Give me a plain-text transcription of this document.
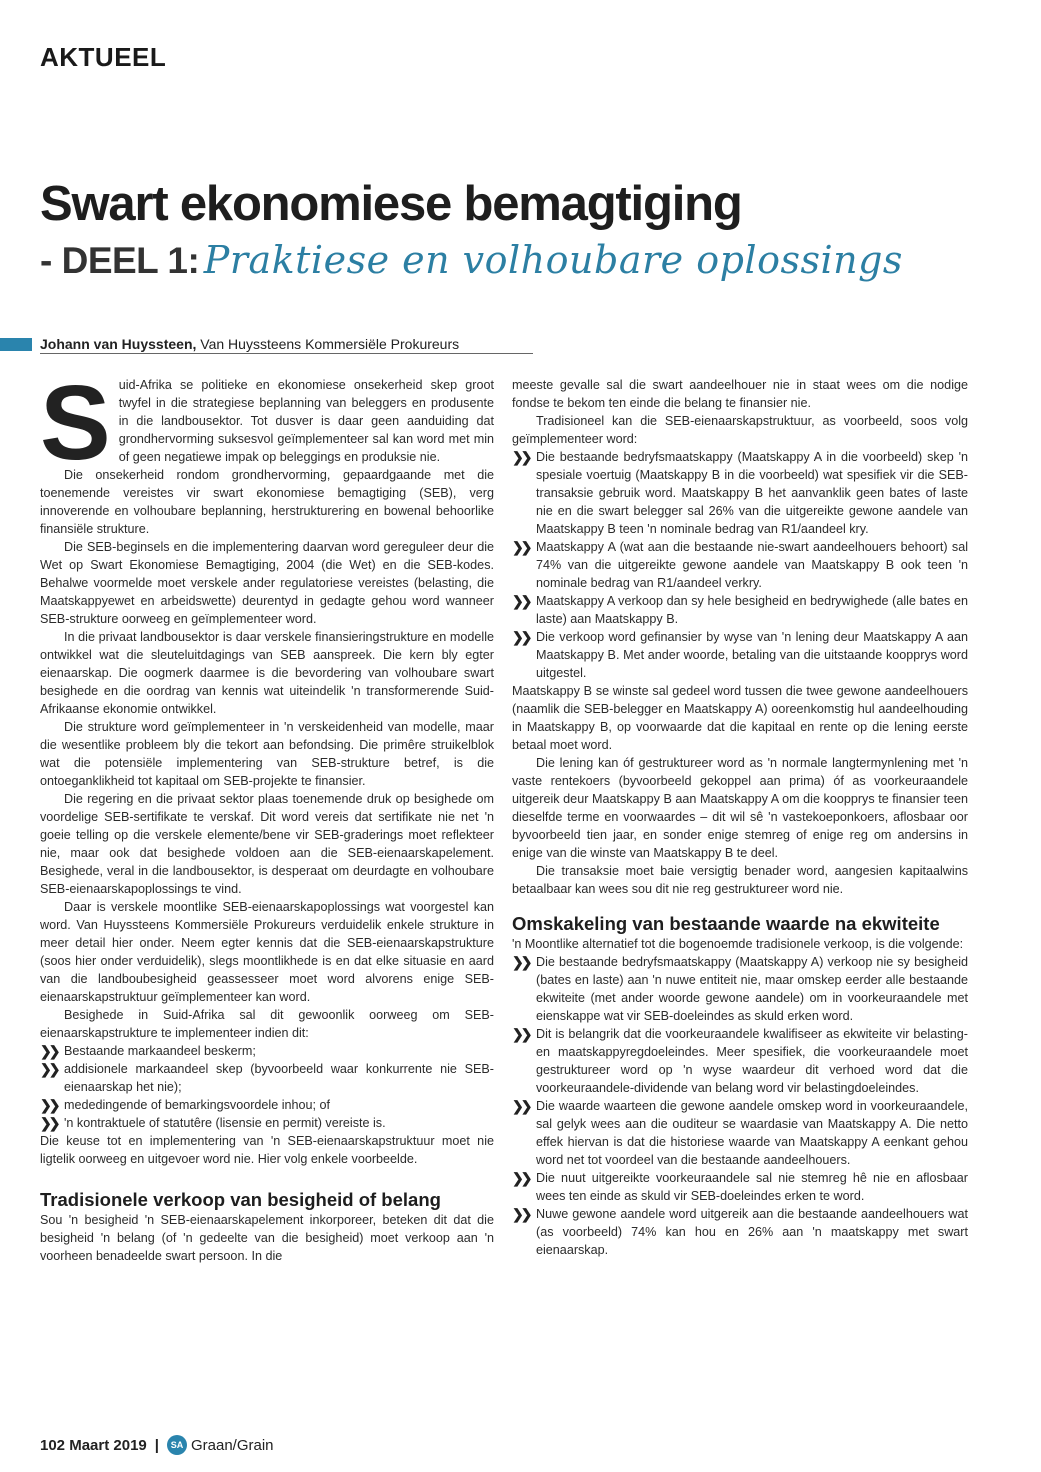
AKTUEEL
Swart ekonomiese bemagtiging
- DEEL 1: Praktiese en volhoubare oplossings
Johann van Huyssteen, Van Huyssteens Kommersiële Prokureurs

Suid-Afrika se politieke en ekonomiese onsekerheid skep groot twyfel in die strategiese beplanning van beleggers en produsente in die landbousektor. Tot dusver is daar geen aanduiding dat grondhervorming suksesvol geïmplementeer sal kan word met min of geen negatiewe impak op beleggings en produksie nie.

Die onsekerheid rondom grondhervorming, gepaardgaande met die toenemende vereistes vir swart ekonomiese bemagtiging (SEB), verg innoverende en volhoubare beplanning, herstrukturering en bowenal behoorlike finansiële strukture.

Die SEB-beginsels en die implementering daarvan word gereguleer deur die Wet op Swart Ekonomiese Bemagtiging, 2004 (die Wet) en die SEB-kodes. Behalwe voormelde moet verskele ander regulatoriese vereistes (belasting, die Maatskappyewet en arbeidswette) deurentyd in gedagte gehou word wanneer SEB-strukture oorweeg en geïmplementeer word.

In die privaat landbousektor is daar verskele finansieringstrukture en modelle ontwikkel wat die sleuteluitdagings van SEB aanspreek. Die kern bly egter eienaarskap. Die oogmerk daarmee is die bevordering van volhoubare swart besighede en die oordrag van kennis wat uiteindelik 'n transformerende Suid-Afrikaanse ekonomie ontwikkel.

Die strukture word geïmplementeer in 'n verskeidenheid van modelle, maar die wesentlike probleem bly die tekort aan befondsing. Die primêre struikelblok wat die potensiële implementering van SEB-strukture betref, is die ontoeganklikheid tot kapitaal om SEB-projekte te finansier.

Die regering en die privaat sektor plaas toenemende druk op besighede om voordelige SEB-sertifikate te verskaf. Dit word vereis dat sertifikate nie net 'n goeie telling op die verskele elemente/bene vir SEB-graderings moet reflekteer nie, maar ook dat besighede voldoen aan die SEB-eienaarskapelement. Besighede, veral in die landbousektor, is desperaat om deurdagte en volhoubare SEB-eienaarskapoplossings te vind.

Daar is verskele moontlike SEB-eienaarskapoplossings wat voorgestel kan word. Van Huyssteens Kommersiële Prokureurs verduidelik enkele strukture in meer detail hier onder. Neem egter kennis dat die SEB-eienaarskapstrukture (soos hier onder verduidelik), slegs moontlikhede is en dat elke situasie en aard van die landboubesigheid geassesseer moet word alvorens enige SEB-eienaarskapstruktuur geïmplementeer kan word.

Besighede in Suid-Afrika sal dit gewoonlik oorweeg om SEB-eienaarskapstrukture te implementeer indien dit:

❯❯ Bestaande markaandeel beskerm;
❯❯ addisionele markaandeel skep (byvoorbeeld waar konkurrente nie SEB-eienaarskap het nie);
❯❯ mededingende of bemarkingsvoordele inhou; of
❯❯ 'n kontraktuele of statutêre (lisensie en permit) vereiste is.

Die keuse tot en implementering van 'n SEB-eienaarskapstruktuur moet nie ligtelik oorweeg en uitgevoer word nie. Hier volg enkele voorbeelde.

Tradisionele verkoop van besigheid of belang

Sou 'n besigheid 'n SEB-eienaarskapelement inkorporeer, beteken dit dat die besigheid 'n belang (of 'n gedeelte van die besigheid) moet verkoop aan 'n voorheen benadeelde swart persoon. In die

meeste gevalle sal die swart aandeelhouer nie in staat wees om die nodige fondse te bekom ten einde die belang te finansier nie.

Tradisioneel kan die SEB-eienaarskapstruktuur, as voorbeeld, soos volg geïmplementeer word:

❯❯ Die bestaande bedryfsmaatskappy (Maatskappy A in die voorbeeld) skep 'n spesiale voertuig (Maatskappy B in die voorbeeld) wat spesifiek vir die SEB-transaksie gebruik word. Maatskappy B het aanvanklik geen bates of laste nie en die swart belegger sal 26% van die uitgereikte gewone aandele van Maatskappy B teen 'n nominale bedrag van R1/aandeel kry.
❯❯ Maatskappy A (wat aan die bestaande nie-swart aandeelhouers behoort) sal 74% van die uitgereikte gewone aandele van Maatskappy B ook teen 'n nominale bedrag van R1/aandeel verkry.
❯❯ Maatskappy A verkoop dan sy hele besigheid en bedrywighede (alle bates en laste) aan Maatskappy B.
❯❯ Die verkoop word gefinansier by wyse van 'n lening deur Maatskappy A aan Maatskappy B. Met ander woorde, betaling van die uitstaande koopprys word uitgestel.

Maatskappy B se winste sal gedeel word tussen die twee gewone aandeelhouers (naamlik die SEB-belegger en Maatskappy A) ooreenkomstig hul aandeelhouding in Maatskappy B, op voorwaarde dat die kapitaal en rente op die lening eerste betaal moet word.

Die lening kan óf gestruktureer word as 'n normale langtermynlening met 'n vaste rentekoers (byvoorbeeld gekoppel aan prima) óf as voorkeuraandele uitgereik deur Maatskappy B aan Maatskappy A om die koopprys te finansier teen dieselfde terme en voorwaardes – dit wil sê 'n vastekoeponkoers, aflosbaar oor byvoorbeeld tien jaar, en sonder enige stemreg of enige reg om andersins in enige van die winste van Maatskappy B te deel.

Die transaksie moet baie versigtig benader word, aangesien kapitaalwins betaalbaar kan wees sou dit nie reg gestruktureer word nie.

Omskakeling van bestaande waarde na ekwiteite

'n Moontlike alternatief tot die bogenoemde tradisionele verkoop, is die volgende:

❯❯ Die bestaande bedryfsmaatskappy (Maatskappy A) verkoop nie sy besigheid (bates en laste) aan 'n nuwe entiteit nie, maar omskep eerder alle bestaande ekwiteite (met ander woorde gewone aandele) om in voorkeuraandele met eienskappe wat vir SEB-doeleindes as skuld erken word.
❯❯ Dit is belangrik dat die voorkeuraandele kwalifiseer as ekwiteite vir belasting- en maatskappyregdoeleindes. Meer spesifiek, die voorkeuraandele moet gestruktureer word op 'n wyse waardeur dit verhoed word dat die voorkeuraandele-dividende van belang word vir belastingdoeleindes.
❯❯ Die waarde waarteen die gewone aandele omskep word in voorkeuraandele, sal gelyk wees aan die ouditeur se waardasie van Maatskappy A. Die netto effek hiervan is dat die historiese waarde van Maatskappy A eenkant gehou word net tot voordeel van die bestaande aandeelhouers.
❯❯ Die nuut uitgereikte voorkeuraandele sal nie stemreg hê nie en aflosbaar wees ten einde as skuld vir SEB-doeleindes erken te word.
❯❯ Nuwe gewone aandele word uitgereik aan die bestaande aandeelhouers wat (as voorbeeld) 74% kan hou en 26% aan 'n maatskappy met swart eienaarskap.
102
Maart 2019 |	SA Graan/Grain
